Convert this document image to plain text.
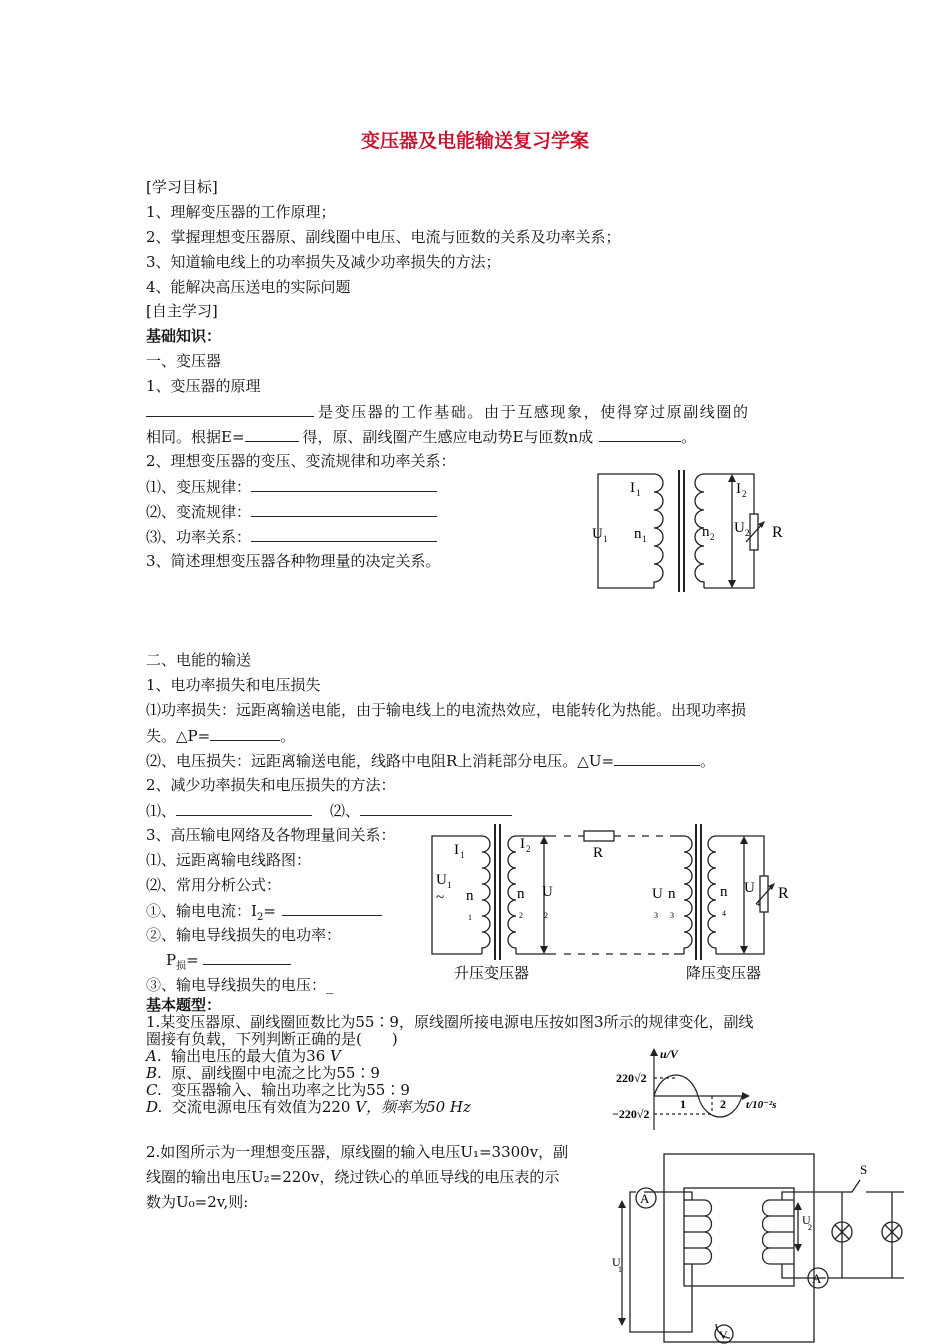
变压器及电能输送复习学案
[学习目标]
1、理解变压器的工作原理；
2、掌握理想变压器原、副线圈中电压、电流与匝数的关系及功率关系；
3、知道输电线上的功率损失及减少功率损失的方法；
4、能解决高压送电的实际问题
[自主学习]
基础知识：
一、变压器
1、变压器的原理
是变压器的工作基础。由于互感现象，使得穿过原副线圈的
相同。根据E=	得，原、副线圈产生感应电动势E与匝数n成	。
2、理想变压器的变压、变流规律和功率关系：
⑴、变压规律：
⑵、变流规律：
⑶、功率关系：
3、简述理想变压器各种物理量的决定关系。
I 1	I 2
U 1 n 1	n 2
U 2 R
二、电能的输送
1、电功率损失和电压损失
⑴功率损失：远距离输送电能，由于输电线上的电流热效应，电能转化为热能。出现功率损
失。△P=	。
⑵、电压损失：远距离输送电能，线路中电阻R上消耗部分电压。△U=	。
2、减少功率损失和电压损失的方法：
⑴、	⑵、
3、高压输电网络及各物理量间关系：
⑴、远距离输电线路图：
⑵、常用分析公式：
①、输电电流：$I_2=$
②、输电导线损失的电功率：
$P_损=$
③、输电导线损失的电压：_
I 1
I 2	R
U 1
~ n
1
n
2
U
2
U
3
n
3
n
4
U
4
R
升压变压器	降压变压器
基本题型：
1.某变压器原、副线圈匝数比为55∶9，原线圈所接电源电压按如图3所示的规律变化，副线
圈接有负载，下列判断正确的是(　　)
A. 输出电压的最大值为36 V
B. 原、副线圈中电流之比为55∶9
C. 变压器输入、输出功率之比为55∶9
D. 交流电源电压有效值为220 V，频率为50 Hz
u/V
220√2
−220√2
1	2 t/10⁻²s
2.如图所示为一理想变压器，原线圈的输入电压U₁=3300v，副
线圈的输出电压U₂=220v，绕过铁心的单匝导线的电压表的示
数为U₀=2v,则:	A
A
V
S
U
1
U
2
